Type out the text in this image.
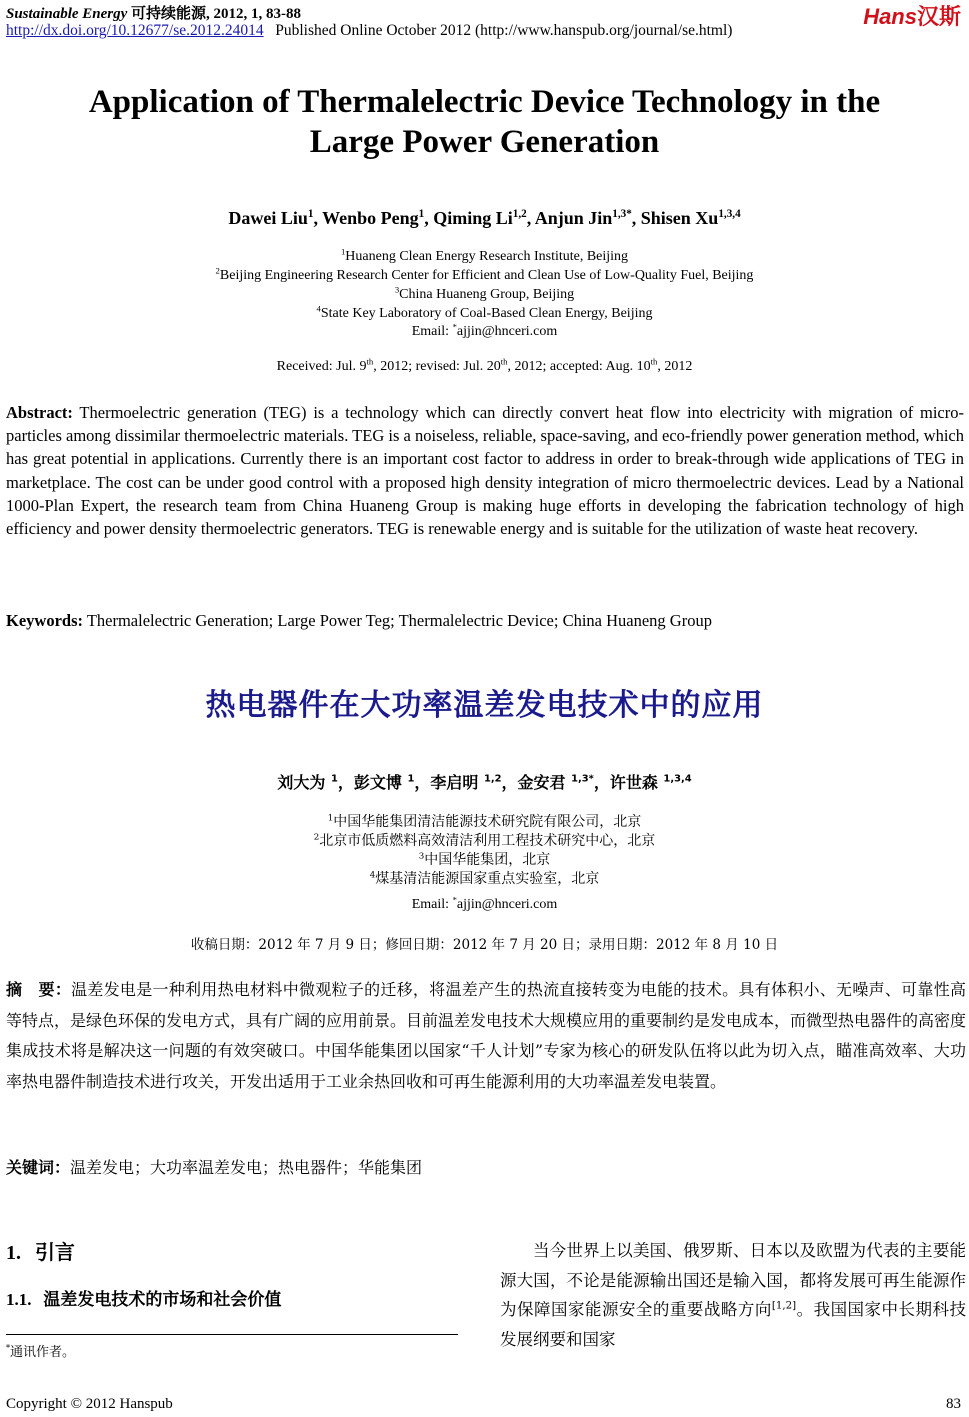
Sustainable Energy 可持续能源, 2012, 1, 83-88
http://dx.doi.org/10.12677/se.2012.24014 Published Online October 2012 (http://www.hanspub.org/journal/se.html)
Hans汉斯
Application of Thermalelectric Device Technology in the
Large Power Generation
Dawei Liu$^1$, Wenbo Peng$^1$, Qiming Li$^{1,2}$, Anjun Jin$^{1,3*}$, Shisen Xu$^{1,3,4}$
$^1$Huaneng Clean Energy Research Institute, Beijing
$^2$Beijing Engineering Research Center for Efficient and Clean Use of Low-Quality Fuel, Beijing
$^3$China Huaneng Group, Beijing
$^4$State Key Laboratory of Coal-Based Clean Energy, Beijing
Email: *ajjin@hnceri.com
Received: Jul. 9th, 2012; revised: Jul. 20th, 2012; accepted: Aug. 10th, 2012
Abstract: Thermoelectric generation (TEG) is a technology which can directly convert heat flow into electricity with migration of micro-particles among dissimilar thermoelectric materials. TEG is a noiseless, reliable, space-saving, and eco-friendly power generation method, which has great potential in applications. Currently there is an important cost factor to address in order to break-through wide applications of TEG in marketplace. The cost can be under good control with a proposed high density integration of micro thermoelectric devices. Lead by a National 1000-Plan Expert, the research team from China Huaneng Group is making huge efforts in developing the fabrication technology of high efficiency and power density thermoelectric generators. TEG is renewable energy and is suitable for the utilization of waste heat recovery.
Keywords: Thermalelectric Generation; Large Power Teg; Thermalelectric Device; China Huaneng Group
热电器件在大功率温差发电技术中的应用
刘大为 $^1$，彭文博 $^1$，李启明 $^{1,2}$，金安君 $^{1,3*}$，许世森 $^{1,3,4}$
$^1$中国华能集团清洁能源技术研究院有限公司，北京
$^2$北京市低质燃料高效清洁利用工程技术研究中心，北京
$^3$中国华能集团，北京
$^4$煤基清洁能源国家重点实验室，北京
Email: *ajjin@hnceri.com
收稿日期：2012 年 7 月 9 日；修回日期：2012 年 7 月 20 日；录用日期：2012 年 8 月 10 日
摘　要：温差发电是一种利用热电材料中微观粒子的迁移，将温差产生的热流直接转变为电能的技术。具有体积小、无噪声、可靠性高等特点，是绿色环保的发电方式，具有广阔的应用前景。目前温差发电技术大规模应用的重要制约是发电成本，而微型热电器件的高密度集成技术将是解决这一问题的有效突破口。中国华能集团以国家“千人计划”专家为核心的研发队伍将以此为切入点，瞄准高效率、大功率热电器件制造技术进行攻关，开发出适用于工业余热回收和可再生能源利用的大功率温差发电装置。
关键词：温差发电；大功率温差发电；热电器件；华能集团
1. 引言
1.1. 温差发电技术的市场和社会价值
*通讯作者。
当今世界上以美国、俄罗斯、日本以及欧盟为代表的主要能源大国，不论是能源输出国还是输入国，都将发展可再生能源作为保障国家能源安全的重要战略方向[1,2]。我国国家中长期科技发展纲要和国家
Copyright © 2012 Hanspub	83
